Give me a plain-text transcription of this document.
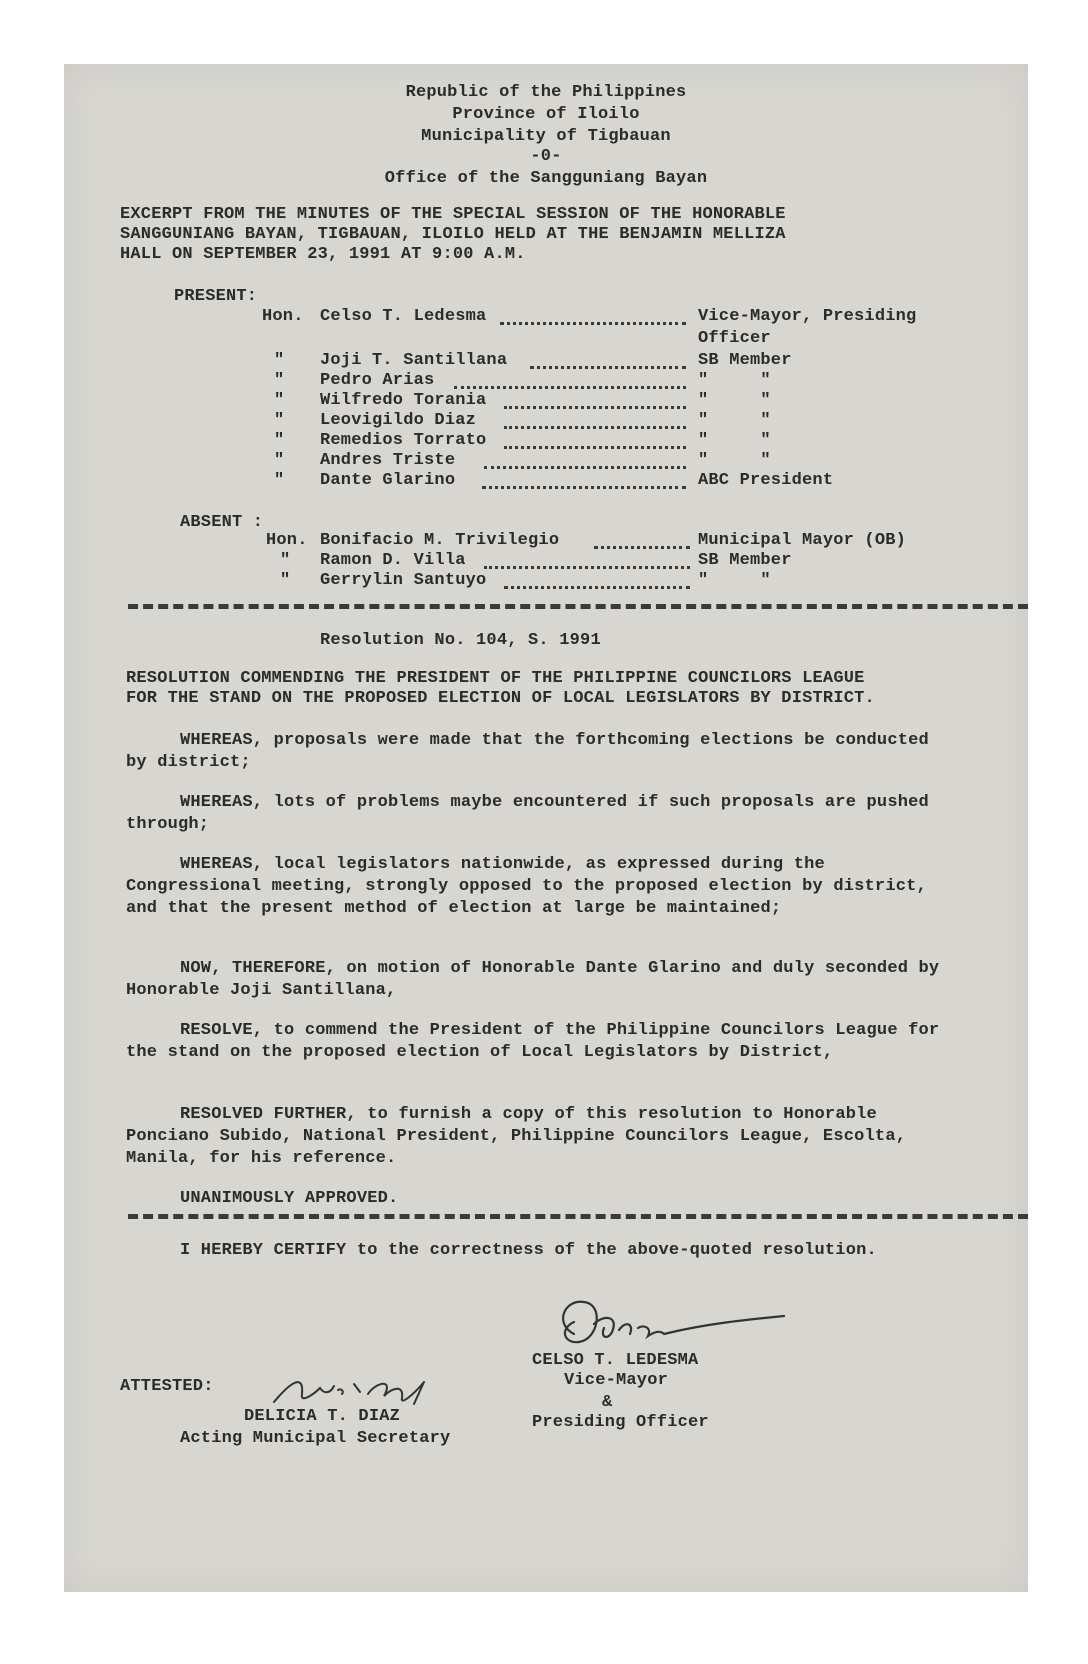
Republic of the Philippines
Province of Iloilo
Municipality of Tigbauan
-0-
Office of the Sangguniang Bayan
EXCERPT FROM THE MINUTES OF THE SPECIAL SESSION OF THE HONORABLE
SANGGUNIANG BAYAN, TIGBAUAN, ILOILO HELD AT THE BENJAMIN MELLIZA
HALL ON SEPTEMBER 23, 1991 AT 9:00 A.M.
PRESENT:
Hon. Celso T. Ledesma	Vice-Mayor, Presiding
Officer
" Joji T. Santillana	SB Member
" Pedro Arias	"     "
" Wilfredo Torania	"     "
" Leovigildo Diaz	"     "
" Remedios Torrato	"     "
" Andres Triste	"     "
" Dante Glarino	ABC President
ABSENT :
Hon. Bonifacio M. Trivilegio	Municipal Mayor (OB)
" Ramon D. Villa	SB Member
" Gerrylin Santuyo	"     "
Resolution No. 104, S. 1991
RESOLUTION COMMENDING THE PRESIDENT OF THE PHILIPPINE COUNCILORS LEAGUE
FOR THE STAND ON THE PROPOSED ELECTION OF LOCAL LEGISLATORS BY DISTRICT.
WHEREAS, proposals were made that the forthcoming elections be conducted by district;
WHEREAS, lots of problems maybe encountered if such proposals are pushed through;
WHEREAS, local legislators nationwide, as expressed during the Congressional meeting, strongly opposed to the proposed election by district, and that the present method of election at large be maintained;
NOW, THEREFORE, on motion of Honorable Dante Glarino and duly seconded by Honorable Joji Santillana,
RESOLVE, to commend the President of the Philippine Councilors League for the stand on the proposed election of Local Legislators by District,
RESOLVED FURTHER, to furnish a copy of this resolution to Honorable Ponciano Subido, National President, Philippine Councilors League, Escolta, Manila, for his reference.
UNANIMOUSLY APPROVED.
I HEREBY CERTIFY to the correctness of the above-quoted resolution.
CELSO T. LEDESMA
Vice-Mayor
&
Presiding Officer
ATTESTED:
DELICIA T. DIAZ
Acting Municipal Secretary
